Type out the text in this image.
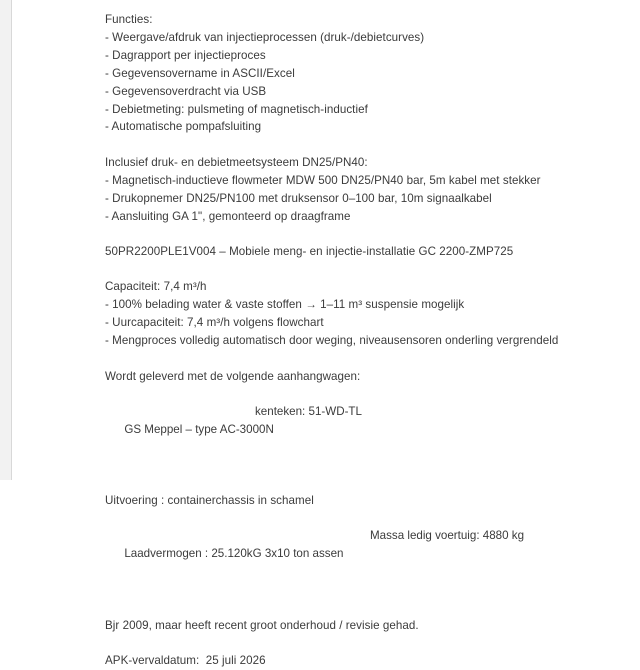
Functies:
- Weergave/afdruk van injectieprocessen (druk-/debietcurves)
- Dagrapport per injectieproces
- Gegevensovername in ASCII/Excel
- Gegevensoverdracht via USB
- Debietmeting: pulsmeting of magnetisch-inductief
- Automatische pompafsluiting
Inclusief druk- en debietmeetsysteem DN25/PN40:
- Magnetisch-inductieve flowmeter MDW 500 DN25/PN40 bar, 5m kabel met stekker
- Drukopnemer DN25/PN100 met druksensor 0–100 bar, 10m signaalkabel
- Aansluiting GA 1", gemonteerd op draagframe
50PR2200PLE1V004 – Mobiele meng- en injectie-installatie GC 2200-ZMP725
Capaciteit: 7,4 m³/h
- 100% belading water & vaste stoffen → 1–11 m³ suspensie mogelijk
- Uurcapaciteit: 7,4 m³/h volgens flowchart
- Mengproces volledig automatisch door weging, niveausensoren onderling vergrendeld
Wordt geleverd met de volgende aanhangwagen:

GS Meppel – type AC-3000N

kenteken: 51-WD-TL

Uitvoering : containerchassis in schamel

Laadvermogen : 25.120kG 3x10 ton assen

Massa ledig voertuig: 4880 kg

Bjr 2009, maar heeft recent groot onderhoud / revisie gehad.
APK-vervaldatum:  25 juli 2026
